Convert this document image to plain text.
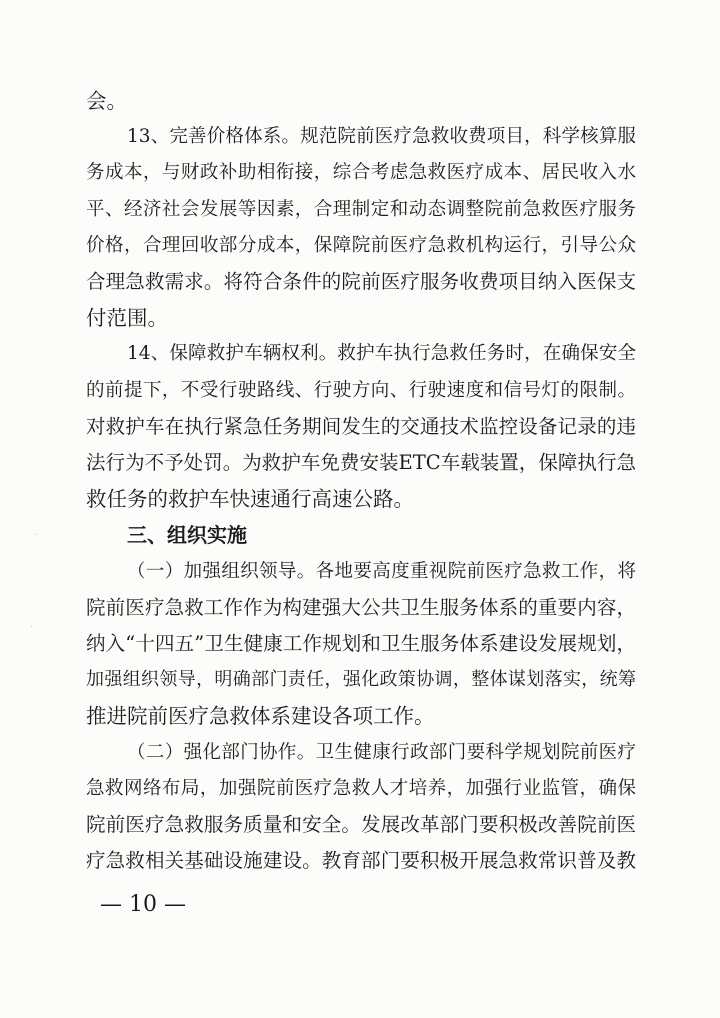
·
·

会。

13、完善价格体系。规范院前医疗急救收费项目，科学核算服

务成本，与财政补助相衔接，综合考虑急救医疗成本、居民收入水

平、经济社会发展等因素，合理制定和动态调整院前急救医疗服务

价格，合理回收部分成本，保障院前医疗急救机构运行，引导公众

合理急救需求。将符合条件的院前医疗服务收费项目纳入医保支

付范围。

14、保障救护车辆权利。救护车执行急救任务时，在确保安全

的前提下，不受行驶路线、行驶方向、行驶速度和信号灯的限制。

对救护车在执行紧急任务期间发生的交通技术监控设备记录的违

法行为不予处罚。为救护车免费安装ETC车载装置，保障执行急

救任务的救护车快速通行高速公路。

三、组织实施

（一）加强组织领导。各地要高度重视院前医疗急救工作，将

院前医疗急救工作作为构建强大公共卫生服务体系的重要内容，

纳入“十四五”卫生健康工作规划和卫生服务体系建设发展规划，

加强组织领导，明确部门责任，强化政策协调，整体谋划落实，统筹

推进院前医疗急救体系建设各项工作。

（二）强化部门协作。卫生健康行政部门要科学规划院前医疗

急救网络布局，加强院前医疗急救人才培养，加强行业监管，确保

院前医疗急救服务质量和安全。发展改革部门要积极改善院前医

疗急救相关基础设施建设。教育部门要积极开展急救常识普及教

— 10 —
